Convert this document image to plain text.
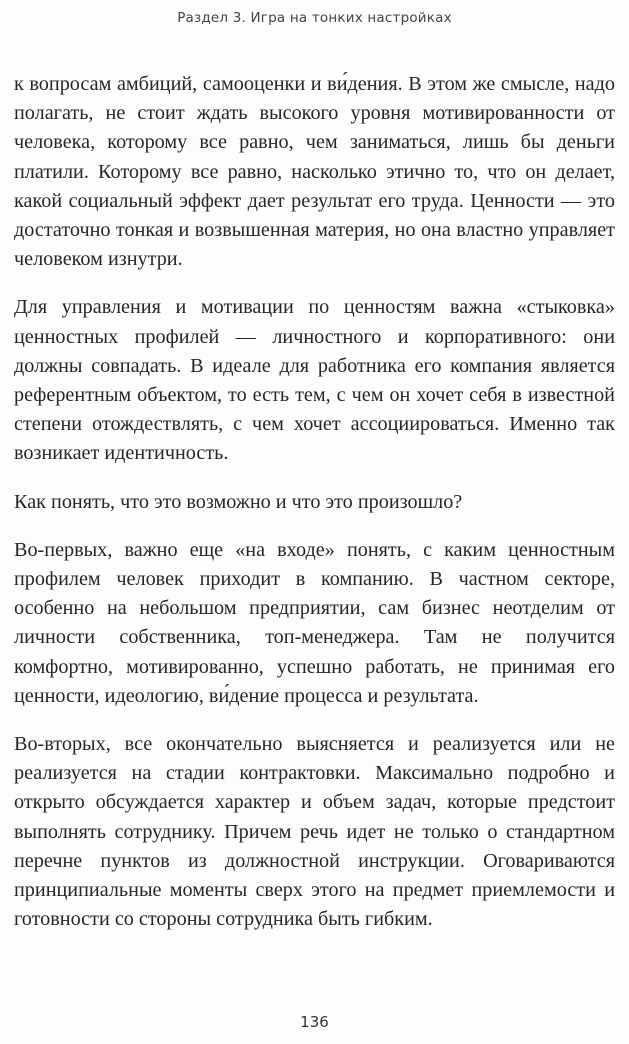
Раздел 3. Игра на тонких настройках

к вопросам амбиций, самооценки и ви́дения. В этом же смысле, надо полагать, не стоит ждать высокого уровня мотивированности от человека, которому все равно, чем заниматься, лишь бы деньги платили. Которому все равно, насколько этично то, что он делает, какой социальный эффект дает результат его труда. Ценности — это достаточно тонкая и возвышенная материя, но она властно управляет человеком изнутри.

Для управления и мотивации по ценностям важна «стыковка» ценностных профилей — личностного и корпоративного: они должны совпадать. В идеале для работника его компания является референтным объектом, то есть тем, с чем он хочет себя в известной степени отождествлять, с чем хочет ассоциироваться. Именно так возникает идентичность.

Как понять, что это возможно и что это произошло?

Во-первых, важно еще «на входе» понять, с каким ценностным профилем человек приходит в компанию. В частном секторе, особенно на небольшом предприятии, сам бизнес неотделим от личности собственника, топ-менеджера. Там не получится комфортно, мотивированно, успешно работать, не принимая его ценности, идеологию, ви́дение процесса и результата.

Во-вторых, все окончательно выясняется и реализуется или не реализуется на стадии контрактовки. Максимально подробно и открыто обсуждается характер и объем задач, которые предстоит выполнять сотруднику. Причем речь идет не только о стандартном перечне пунктов из должностной инструкции. Оговариваются принципиальные моменты сверх этого на предмет приемлемости и готовности со стороны сотрудника быть гибким.

136
